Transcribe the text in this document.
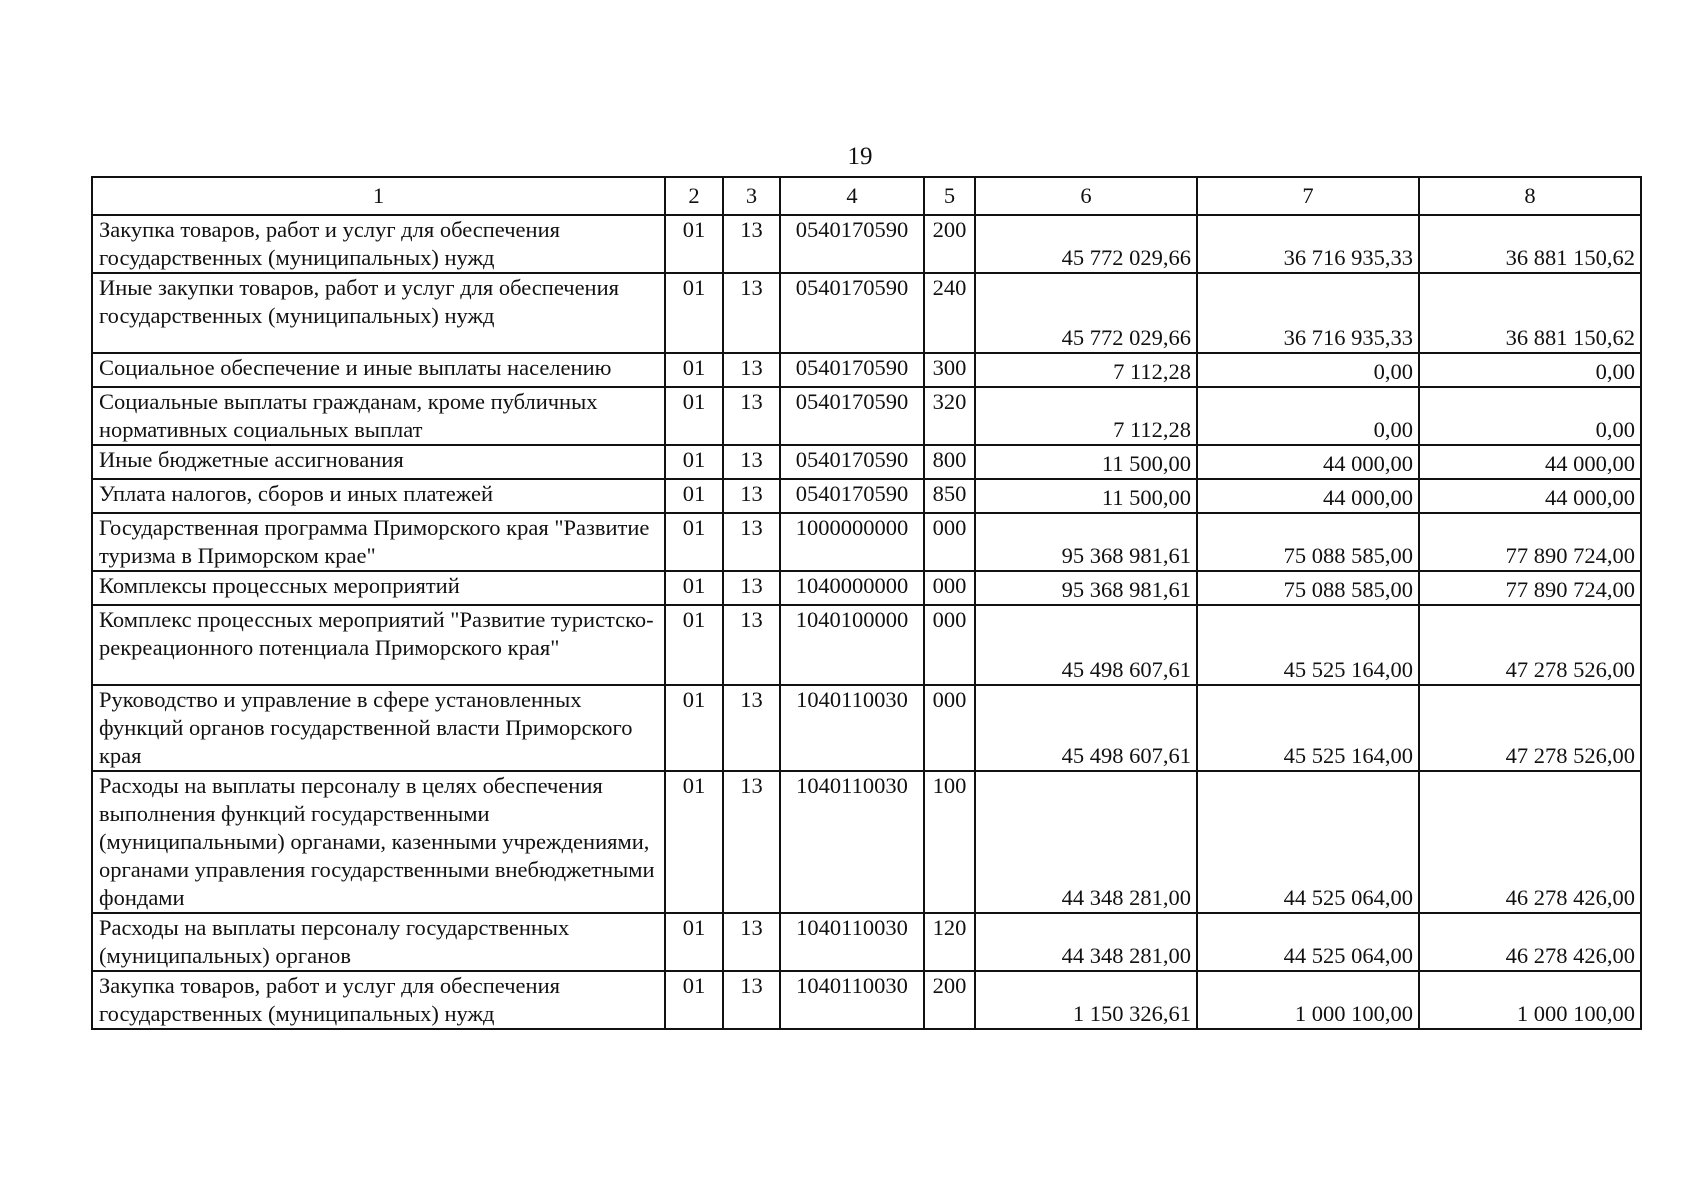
19
1	2	3	4	5	6	7	8
Закупка товаров, работ и услуг для обеспечения государственных (муниципальных) нужд	01	13	0540170590	200	45 772 029,66	36 716 935,33	36 881 150,62
Иные закупки товаров, работ и услуг для обеспечения государственных (муниципальных) нужд	01	13	0540170590	240	45 772 029,66	36 716 935,33	36 881 150,62
Социальное обеспечение и иные выплаты населению	01	13	0540170590	300	7 112,28	0,00	0,00
Социальные выплаты гражданам, кроме публичных нормативных социальных выплат	01	13	0540170590	320	7 112,28	0,00	0,00
Иные бюджетные ассигнования	01	13	0540170590	800	11 500,00	44 000,00	44 000,00
Уплата налогов, сборов и иных платежей	01	13	0540170590	850	11 500,00	44 000,00	44 000,00
Государственная программа Приморского края "Развитие туризма в Приморском крае"	01	13	1000000000	000	95 368 981,61	75 088 585,00	77 890 724,00
Комплексы процессных мероприятий	01	13	1040000000	000	95 368 981,61	75 088 585,00	77 890 724,00
Комплекс процессных мероприятий "Развитие туристско-рекреационного потенциала Приморского края"	01	13	1040100000	000	45 498 607,61	45 525 164,00	47 278 526,00
Руководство и управление в сфере установленных функций органов государственной власти Приморского края	01	13	1040110030	000	45 498 607,61	45 525 164,00	47 278 526,00
Расходы на выплаты персоналу в целях обеспечения выполнения функций государственными (муниципальными) органами, казенными учреждениями, органами управления государственными внебюджетными фондами	01	13	1040110030	100	44 348 281,00	44 525 064,00	46 278 426,00
Расходы на выплаты персоналу государственных (муниципальных) органов	01	13	1040110030	120	44 348 281,00	44 525 064,00	46 278 426,00
Закупка товаров, работ и услуг для обеспечения государственных (муниципальных) нужд	01	13	1040110030	200	1 150 326,61	1 000 100,00	1 000 100,00
